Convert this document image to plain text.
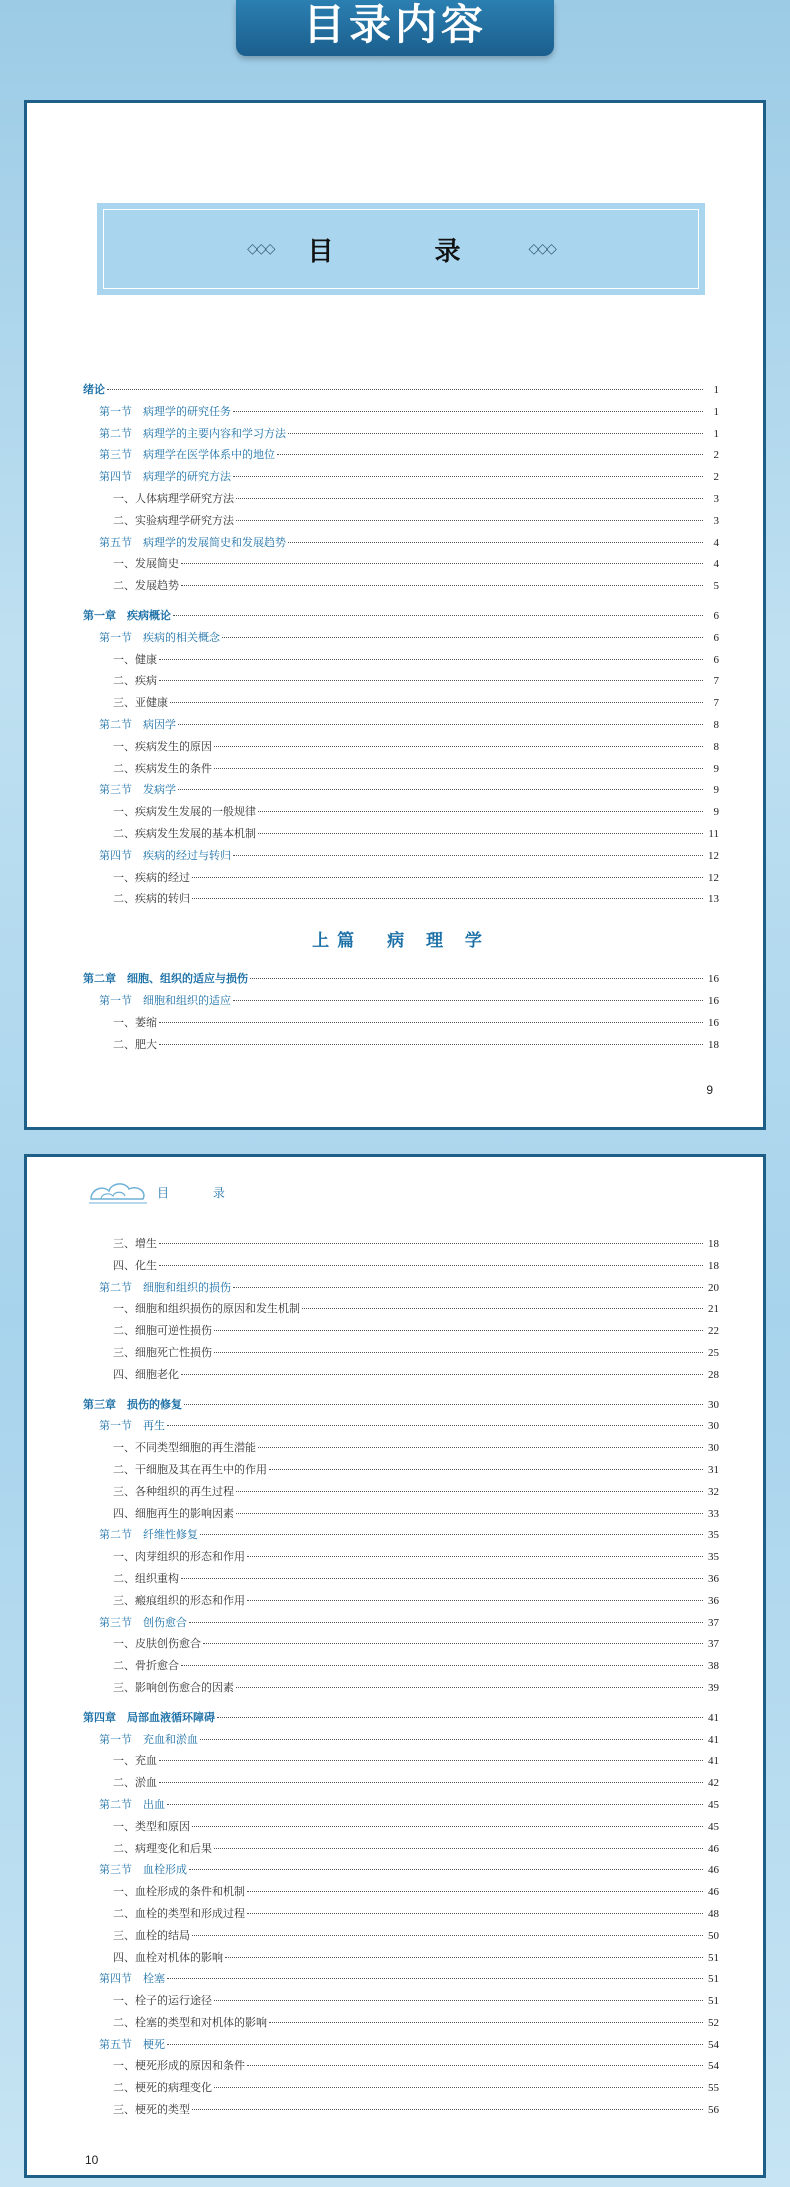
目录内容
◇◇◇ 目 录 ◇◇◇
绪论	1
第一节　病理学的研究任务	1
第二节　病理学的主要内容和学习方法	1
第三节　病理学在医学体系中的地位	2
第四节　病理学的研究方法	2
一、人体病理学研究方法	3
二、实验病理学研究方法	3
第五节　病理学的发展简史和发展趋势	4
一、发展简史	4
二、发展趋势	5
第一章　疾病概论	6
第一节　疾病的相关概念	6
一、健康	6
二、疾病	7
三、亚健康	7
第二节　病因学	8
一、疾病发生的原因	8
二、疾病发生的条件	9
第三节　发病学	9
一、疾病发生发展的一般规律	9
二、疾病发生发展的基本机制	11
第四节　疾病的经过与转归	12
一、疾病的经过	12
二、疾病的转归	13
上篇　病 理 学
第二章　细胞、组织的适应与损伤	16
第一节　细胞和组织的适应	16
一、萎缩	16
二、肥大	18
9
目 录
三、增生	18
四、化生	18
第二节　细胞和组织的损伤	20
一、细胞和组织损伤的原因和发生机制	21
二、细胞可逆性损伤	22
三、细胞死亡性损伤	25
四、细胞老化	28
第三章　损伤的修复	30
第一节　再生	30
一、不同类型细胞的再生潜能	30
二、干细胞及其在再生中的作用	31
三、各种组织的再生过程	32
四、细胞再生的影响因素	33
第二节　纤维性修复	35
一、肉芽组织的形态和作用	35
二、组织重构	36
三、瘢痕组织的形态和作用	36
第三节　创伤愈合	37
一、皮肤创伤愈合	37
二、骨折愈合	38
三、影响创伤愈合的因素	39
第四章　局部血液循环障碍	41
第一节　充血和淤血	41
一、充血	41
二、淤血	42
第二节　出血	45
一、类型和原因	45
二、病理变化和后果	46
第三节　血栓形成	46
一、血栓形成的条件和机制	46
二、血栓的类型和形成过程	48
三、血栓的结局	50
四、血栓对机体的影响	51
第四节　栓塞	51
一、栓子的运行途径	51
二、栓塞的类型和对机体的影响	52
第五节　梗死	54
一、梗死形成的原因和条件	54
二、梗死的病理变化	55
三、梗死的类型	56
10
